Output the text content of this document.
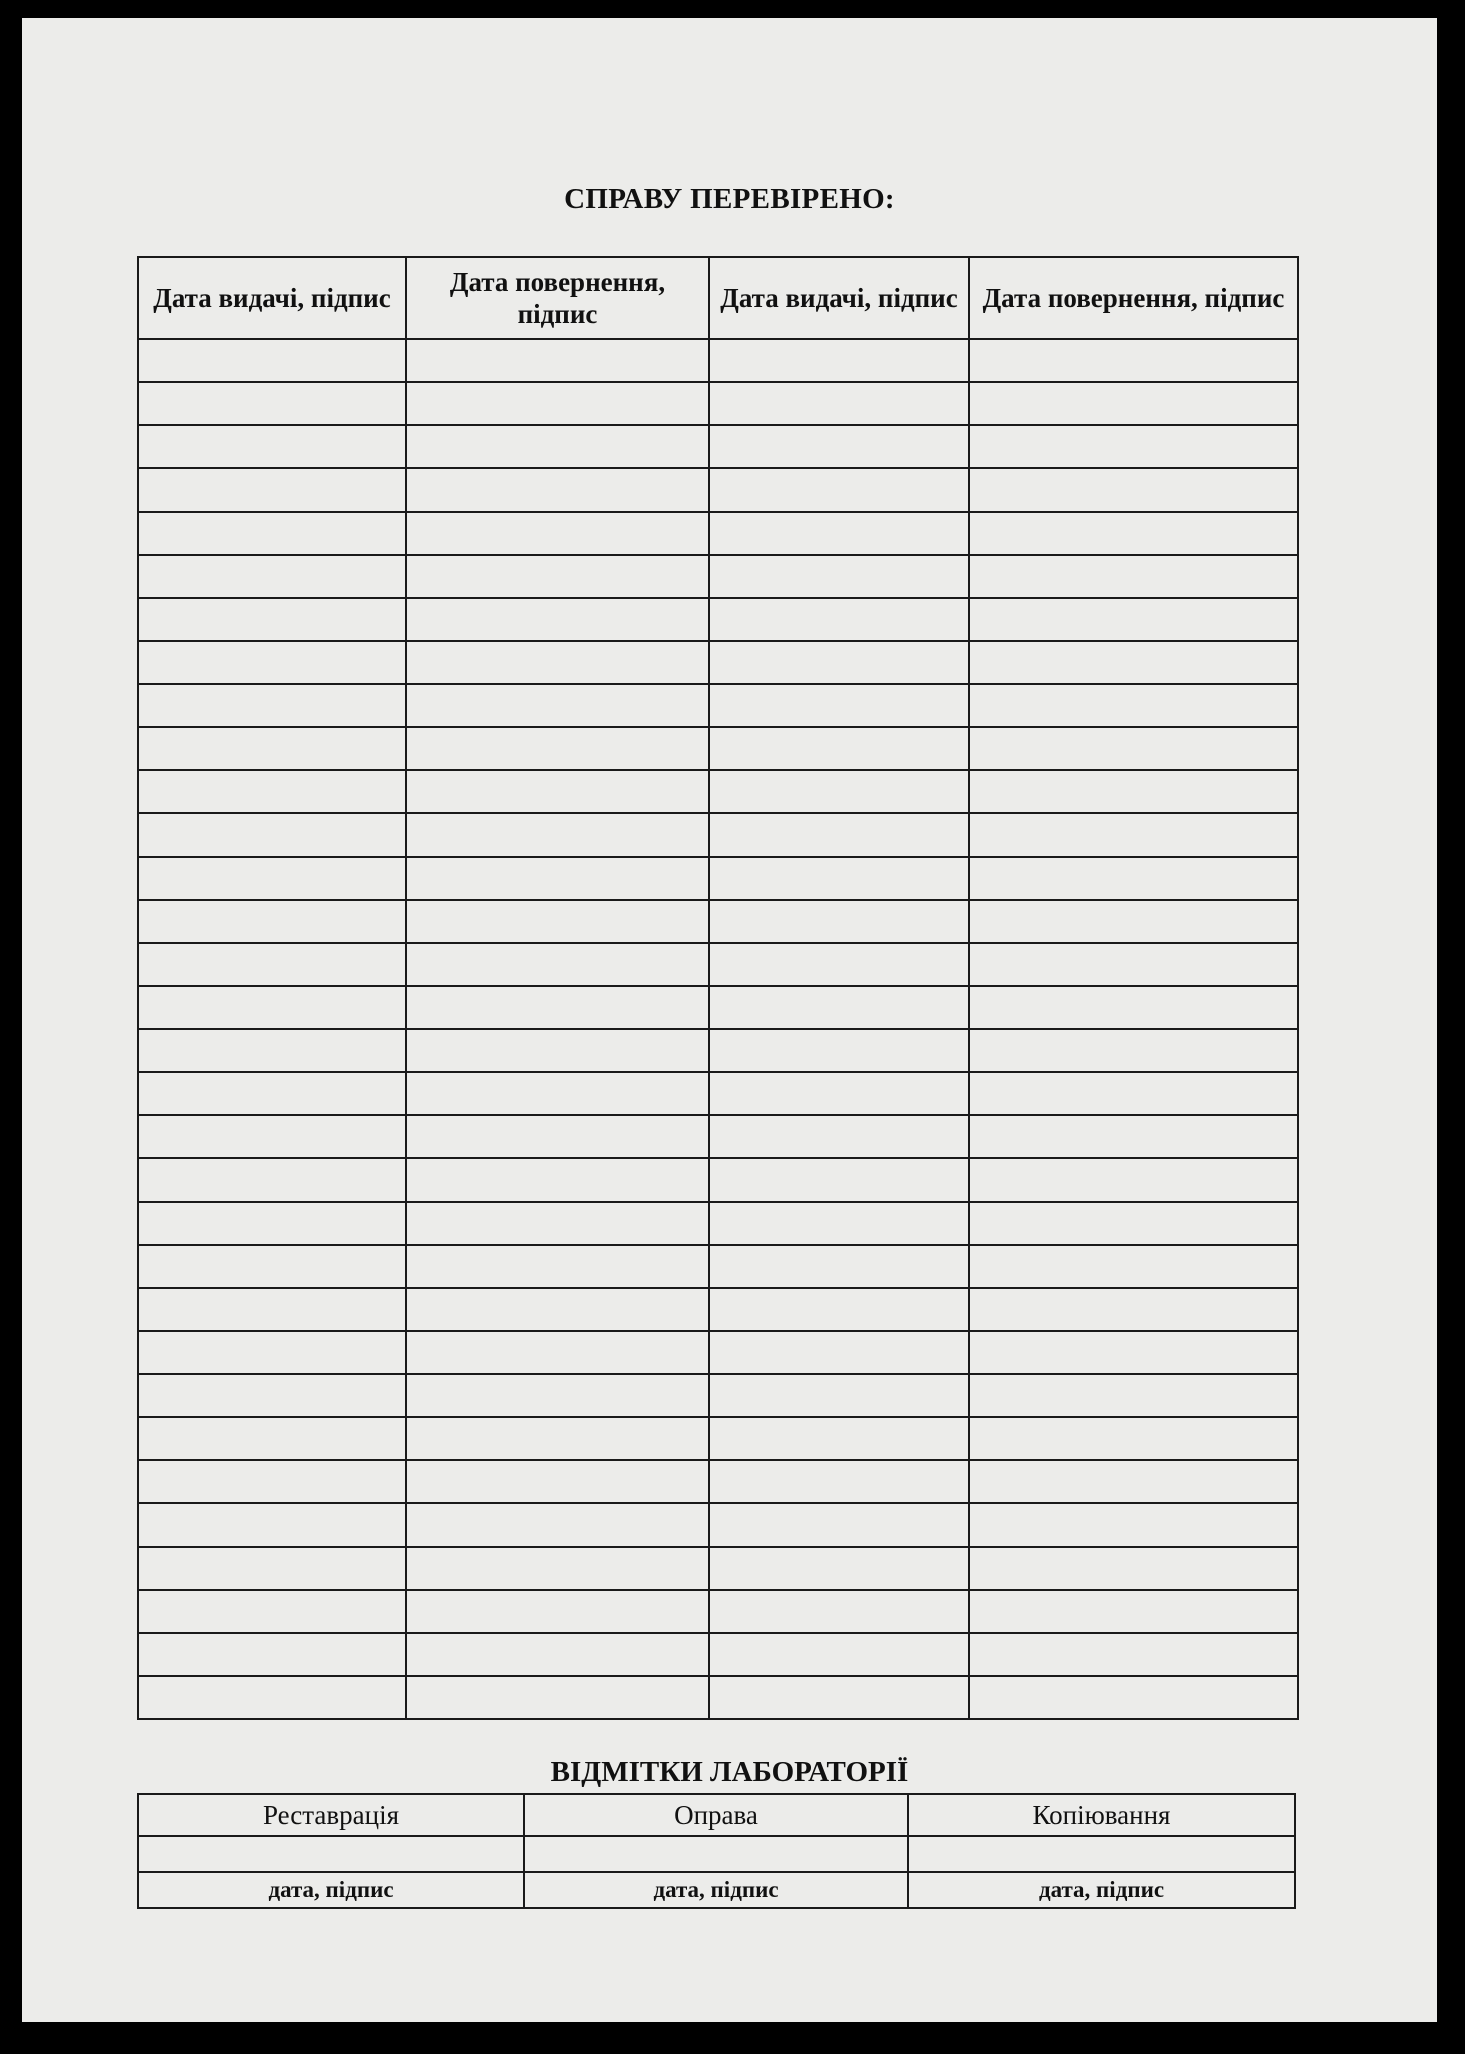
СПРАВУ ПЕРЕВІРЕНО:
Дата видачі, підпис	Дата повернення, підпис	Дата видачі, підпис	Дата повернення, підпис

ВІДМІТКИ ЛАБОРАТОРІЇ
Реставрація	Оправа	Копіювання

дата, підпис	дата, підпис	дата, підпис
